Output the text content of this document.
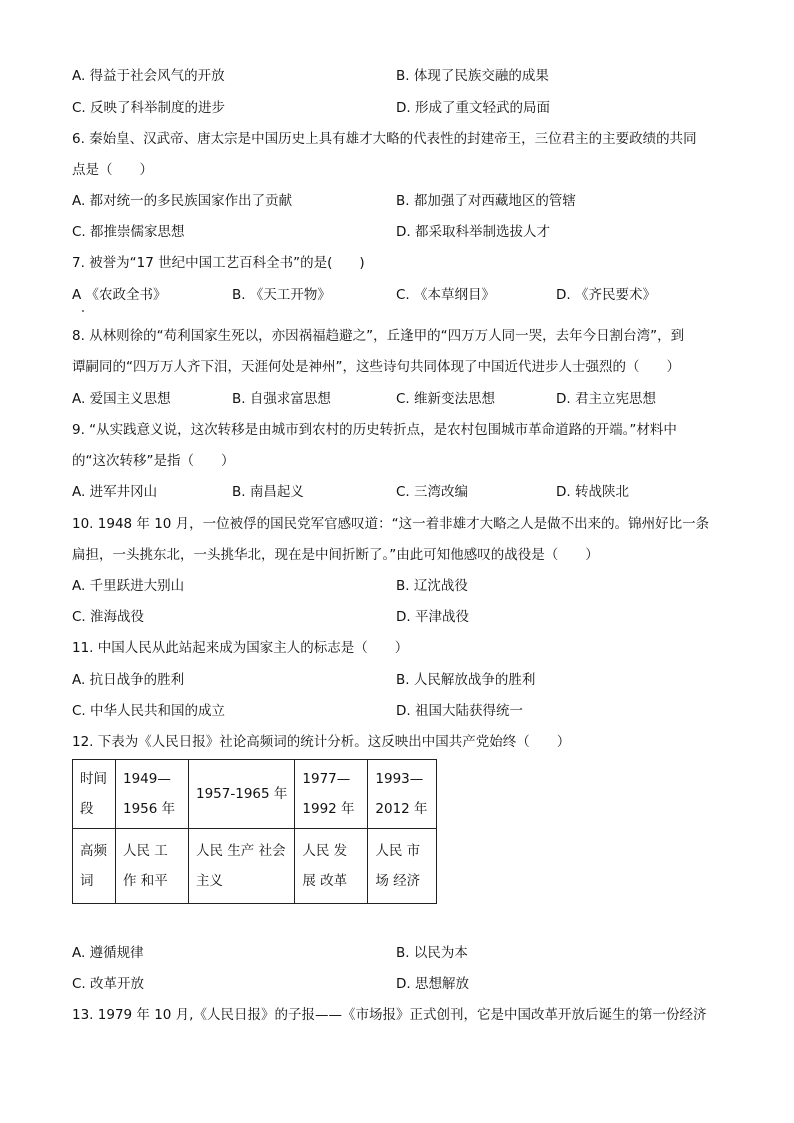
A. 得益于社会风气的开放	B. 体现了民族交融的成果
C. 反映了科举制度的进步	D. 形成了重文轻武的局面
6. 秦始皇、汉武帝、唐太宗是中国历史上具有雄才大略的代表性的封建帝王，三位君主的主要政绩的共同
点是（　　）
A. 都对统一的多民族国家作出了贡献	B. 都加强了对西藏地区的管辖
C. 都推崇儒家思想	D. 都采取科举制选拔人才
7. 被誉为“17 世纪中国工艺百科全书”的是(　　)
A 《农政全书》	B. 《天工开物》	C. 《本草纲目》	D. 《齐民要术》
8. 从林则徐的“苟利国家生死以，亦因祸福趋避之”，丘逢甲的“四万万人同一哭，去年今日割台湾”，到
谭嗣同的“四万万人齐下泪，天涯何处是神州”，这些诗句共同体现了中国近代进步人士强烈的（　　）
A. 爱国主义思想	B. 自强求富思想	C. 维新变法思想	D. 君主立宪思想
9. “从实践意义说，这次转移是由城市到农村的历史转折点，是农村包围城市革命道路的开端。”材料中
的“这次转移”是指（　　）
A. 进军井冈山	B. 南昌起义	C. 三湾改编	D. 转战陕北
10. 1948 年 10 月，一位被俘的国民党军官感叹道：“这一着非雄才大略之人是做不出来的。锦州好比一条
扁担，一头挑东北，一头挑华北，现在是中间折断了。”由此可知他感叹的战役是（　　）
A. 千里跃进大别山	B. 辽沈战役
C. 淮海战役	D. 平津战役
11. 中国人民从此站起来成为国家主人的标志是（　　）
A. 抗日战争的胜利	B. 人民解放战争的胜利
C. 中华人民共和国的成立	D. 祖国大陆获得统一
12. 下表为《人民日报》社论高频词的统计分析。这反映出中国共产党始终（　　）
时间段	1949—1956 年	1957-1965 年	1977—1992 年	1993—2012 年
高频词	人民 工作 和平	人民 生产 社会主义	人民 发展 改革	人民 市场 经济
A. 遵循规律	B. 以民为本
C. 改革开放	D. 思想解放
13. 1979 年 10 月,《人民日报》的子报——《市场报》正式创刊，它是中国改革开放后诞生的第一份经济
